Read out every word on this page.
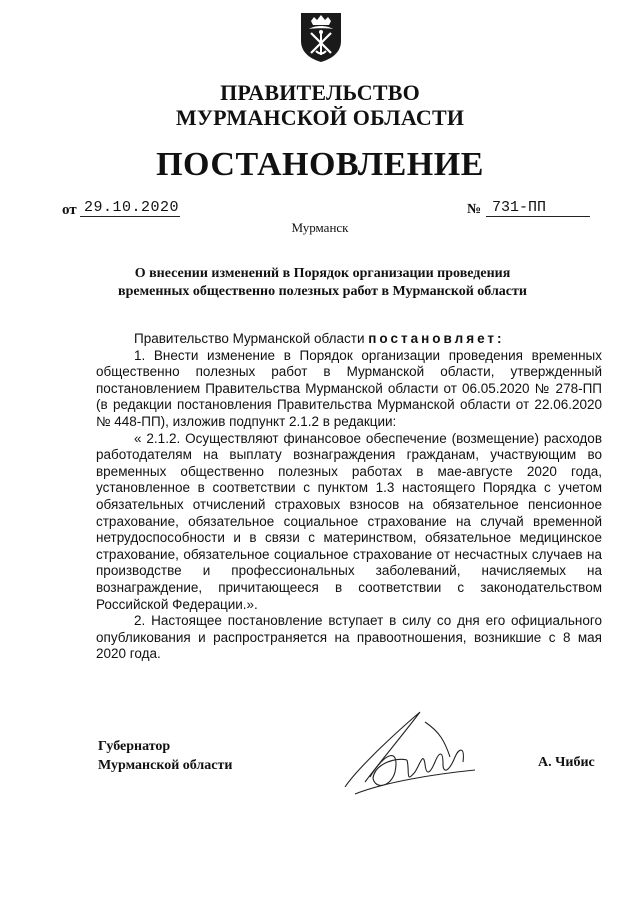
ПРАВИТЕЛЬСТВО
МУРМАНСКОЙ ОБЛАСТИ
ПОСТАНОВЛЕНИЕ
от 29.10.2020	№ 731-ПП
Мурманск
О внесении изменений в Порядок организации проведения временных общественно полезных работ в Мурманской области

Правительство Мурманской области постановляет:

1. Внести изменение в Порядок организации проведения временных общественно полезных работ в Мурманской области, утвержденный постановлением Правительства Мурманской области от 06.05.2020 № 278-ПП (в редакции постановления Правительства Мурманской области от 22.06.2020 № 448-ПП), изложив подпункт 2.1.2 в редакции:

« 2.1.2. Осуществляют финансовое обеспечение (возмещение) расходов работодателям на выплату вознаграждения гражданам, участвующим во временных общественно полезных работах в мае-августе 2020 года, установленное в соответствии с пунктом 1.3 настоящего Порядка с учетом обязательных отчислений страховых взносов на обязательное пенсионное страхование, обязательное социальное страхование на случай временной нетрудоспособности и в связи с материнством, обязательное медицинское страхование, обязательное социальное страхование от несчастных случаев на производстве и профессиональных заболеваний, начисляемых на вознаграждение, причитающееся в соответствии с законодательством Российской Федерации.».

2. Настоящее постановление вступает в силу со дня его официального опубликования и распространяется на правоотношения, возникшие с 8 мая 2020 года.

Губернатор
Мурманской области	А. Чибис
